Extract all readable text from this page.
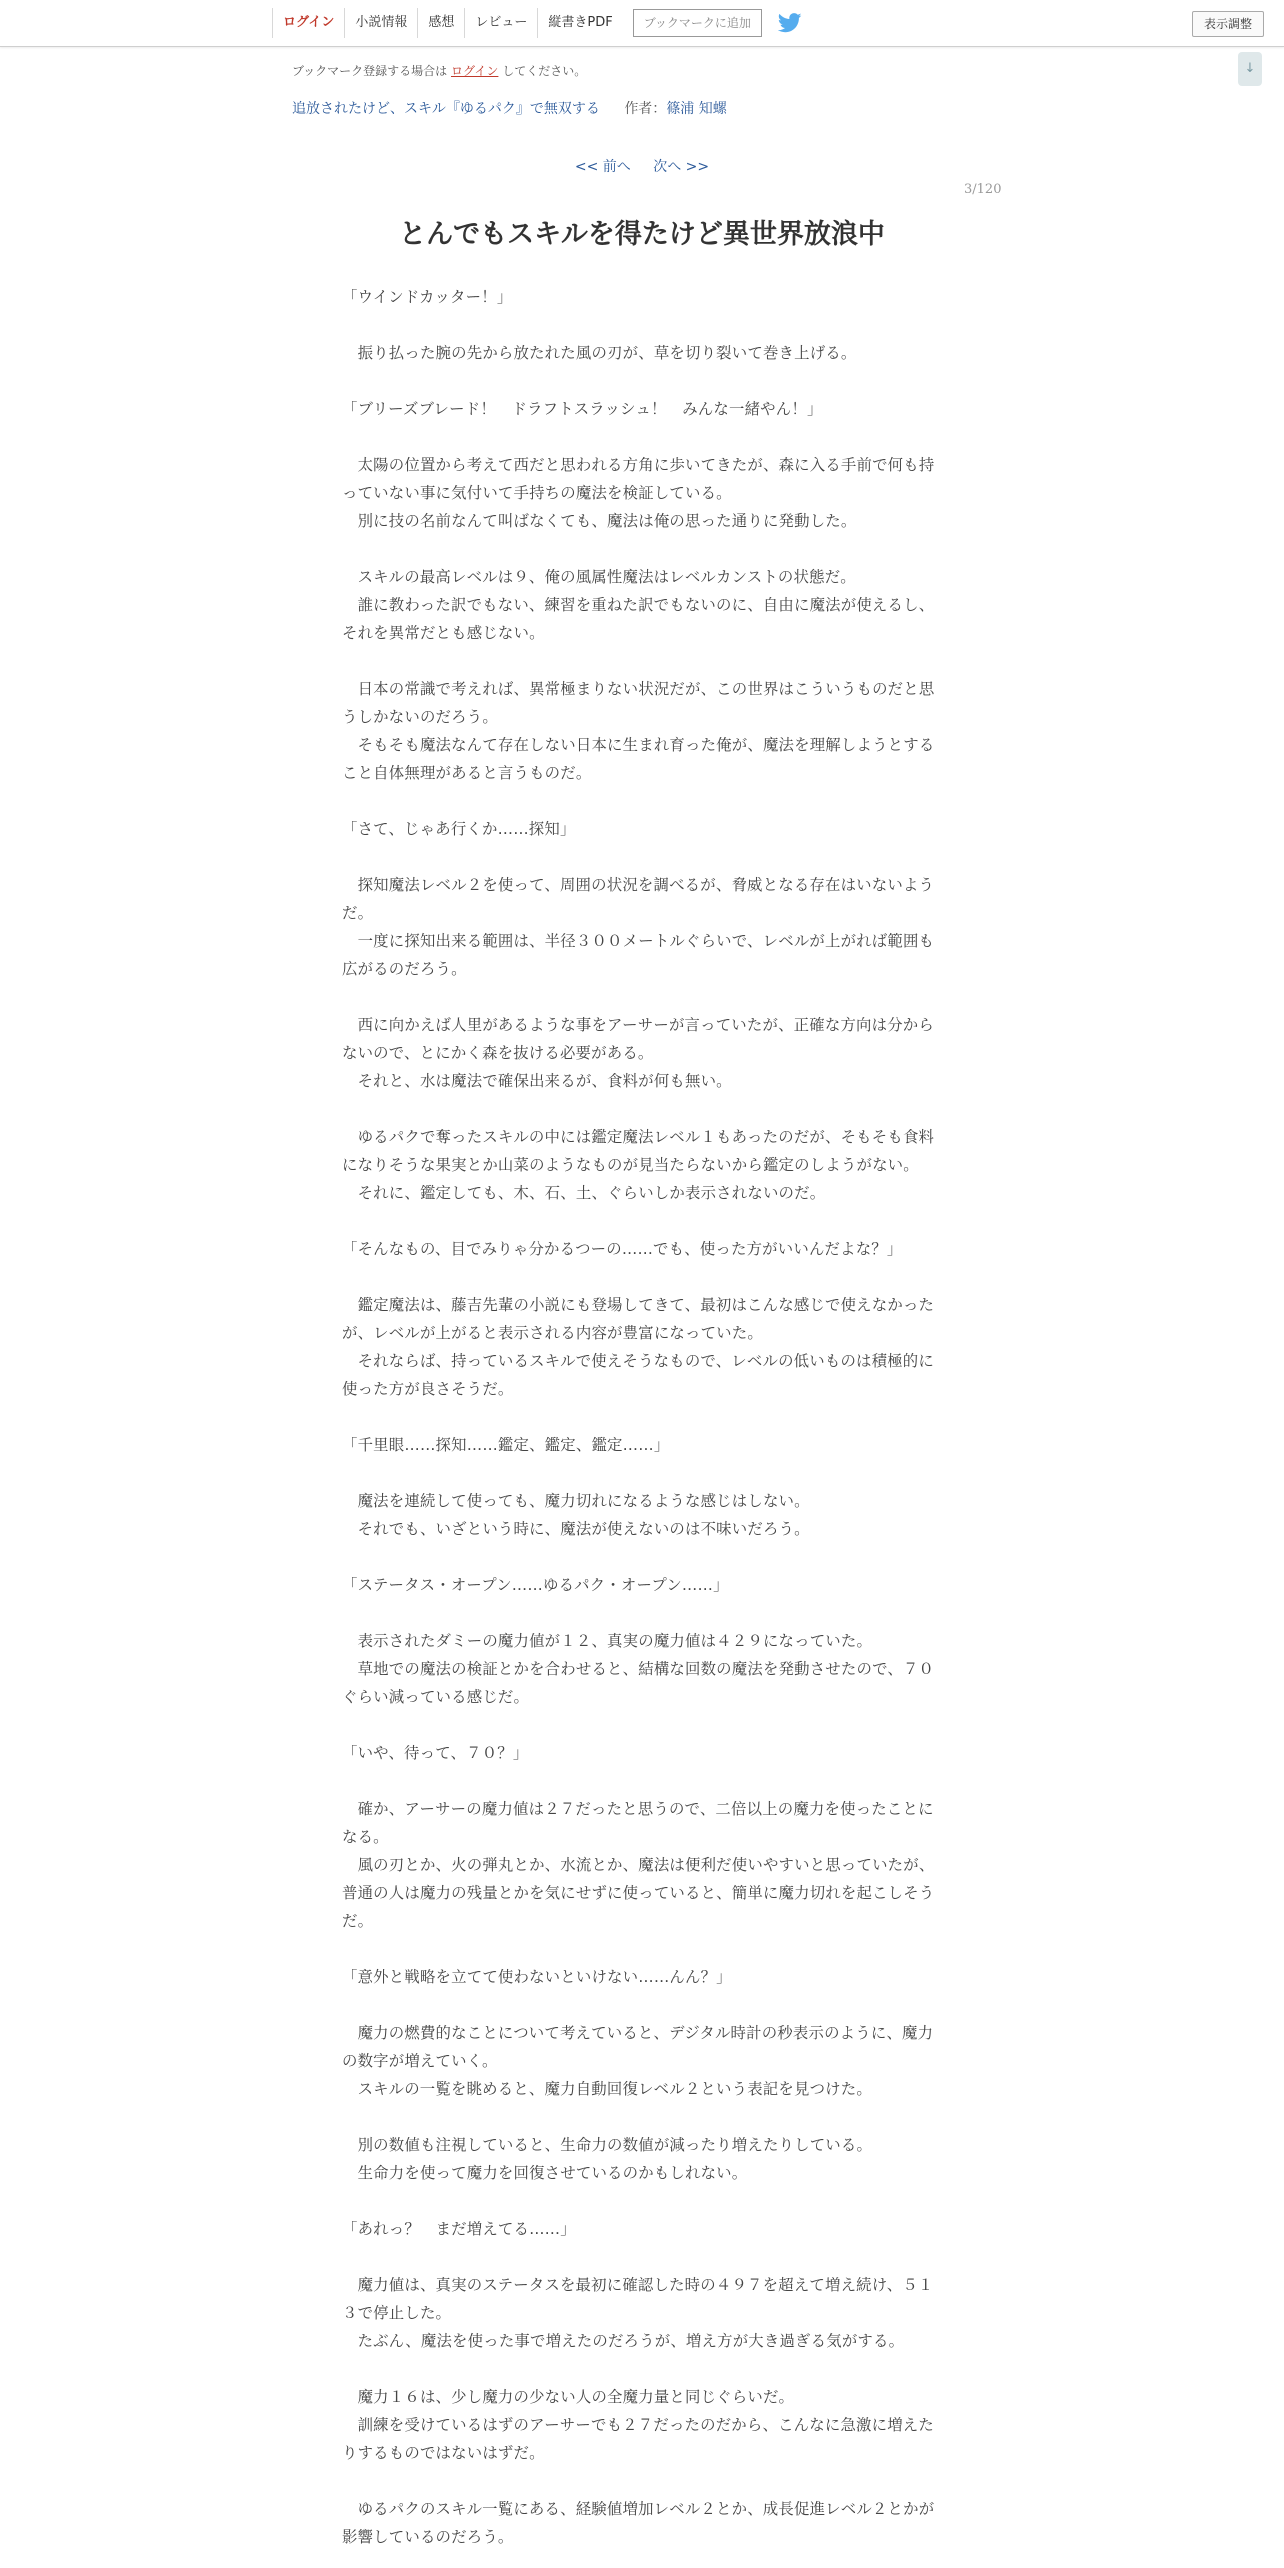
ログイン	小説情報	感想	レビュー	縦書きPDF	ブックマークに追加	表示調整
↓
ブックマーク登録する場合は ログイン してください。
追放されたけど、スキル『ゆるパク』で無双する 作者：篠浦 知螺
<< 前へ 次へ >>
3/120
とんでもスキルを得たけど異世界放浪中

「ウインドカッター！」

　振り払った腕の先から放たれた風の刃が、草を切り裂いて巻き上げる。

「ブリーズブレード！　ドラフトスラッシュ！　みんな一緒やん！」

　太陽の位置から考えて西だと思われる方角に歩いてきたが、森に入る手前で何も持っていない事に気付いて手持ちの魔法を検証している。

　別に技の名前なんて叫ばなくても、魔法は俺の思った通りに発動した。

　スキルの最高レベルは９、俺の風属性魔法はレベルカンストの状態だ。

　誰に教わった訳でもない、練習を重ねた訳でもないのに、自由に魔法が使えるし、それを異常だとも感じない。

　日本の常識で考えれば、異常極まりない状況だが、この世界はこういうものだと思うしかないのだろう。

　そもそも魔法なんて存在しない日本に生まれ育った俺が、魔法を理解しようとすること自体無理があると言うものだ。

「さて、じゃあ行くか……探知」

　探知魔法レベル２を使って、周囲の状況を調べるが、脅威となる存在はいないようだ。

　一度に探知出来る範囲は、半径３００メートルぐらいで、レベルが上がれば範囲も広がるのだろう。

　西に向かえば人里があるような事をアーサーが言っていたが、正確な方向は分からないので、とにかく森を抜ける必要がある。

　それと、水は魔法で確保出来るが、食料が何も無い。

　ゆるパクで奪ったスキルの中には鑑定魔法レベル１もあったのだが、そもそも食料になりそうな果実とか山菜のようなものが見当たらないから鑑定のしようがない。

　それに、鑑定しても、木、石、土、ぐらいしか表示されないのだ。

「そんなもの、目でみりゃ分かるつーの……でも、使った方がいいんだよな？」

　鑑定魔法は、藤吉先輩の小説にも登場してきて、最初はこんな感じで使えなかったが、レベルが上がると表示される内容が豊富になっていた。

　それならば、持っているスキルで使えそうなもので、レベルの低いものは積極的に使った方が良さそうだ。

「千里眼……探知……鑑定、鑑定、鑑定……」

　魔法を連続して使っても、魔力切れになるような感じはしない。

　それでも、いざという時に、魔法が使えないのは不味いだろう。

「ステータス・オープン……ゆるパク・オープン……」

　表示されたダミーの魔力値が１２、真実の魔力値は４２９になっていた。

　草地での魔法の検証とかを合わせると、結構な回数の魔法を発動させたので、７０ぐらい減っている感じだ。

「いや、待って、７０？」

　確か、アーサーの魔力値は２７だったと思うので、二倍以上の魔力を使ったことになる。

　風の刃とか、火の弾丸とか、水流とか、魔法は便利だ使いやすいと思っていたが、普通の人は魔力の残量とかを気にせずに使っていると、簡単に魔力切れを起こしそうだ。

「意外と戦略を立てて使わないといけない……んん？」

　魔力の燃費的なことについて考えていると、デジタル時計の秒表示のように、魔力の数字が増えていく。

　スキルの一覧を眺めると、魔力自動回復レベル２という表記を見つけた。

　別の数値も注視していると、生命力の数値が減ったり増えたりしている。

　生命力を使って魔力を回復させているのかもしれない。

「あれっ？　まだ増えてる……」

　魔力値は、真実のステータスを最初に確認した時の４９７を超えて増え続け、５１３で停止した。

　たぶん、魔法を使った事で増えたのだろうが、増え方が大き過ぎる気がする。

　魔力１６は、少し魔力の少ない人の全魔力量と同じぐらいだ。

　訓練を受けているはずのアーサーでも２７だったのだから、こんなに急激に増えたりするものではないはずだ。

　ゆるパクのスキル一覧にある、経験値増加レベル２とか、成長促進レベル２とかが影響しているのだろう。
